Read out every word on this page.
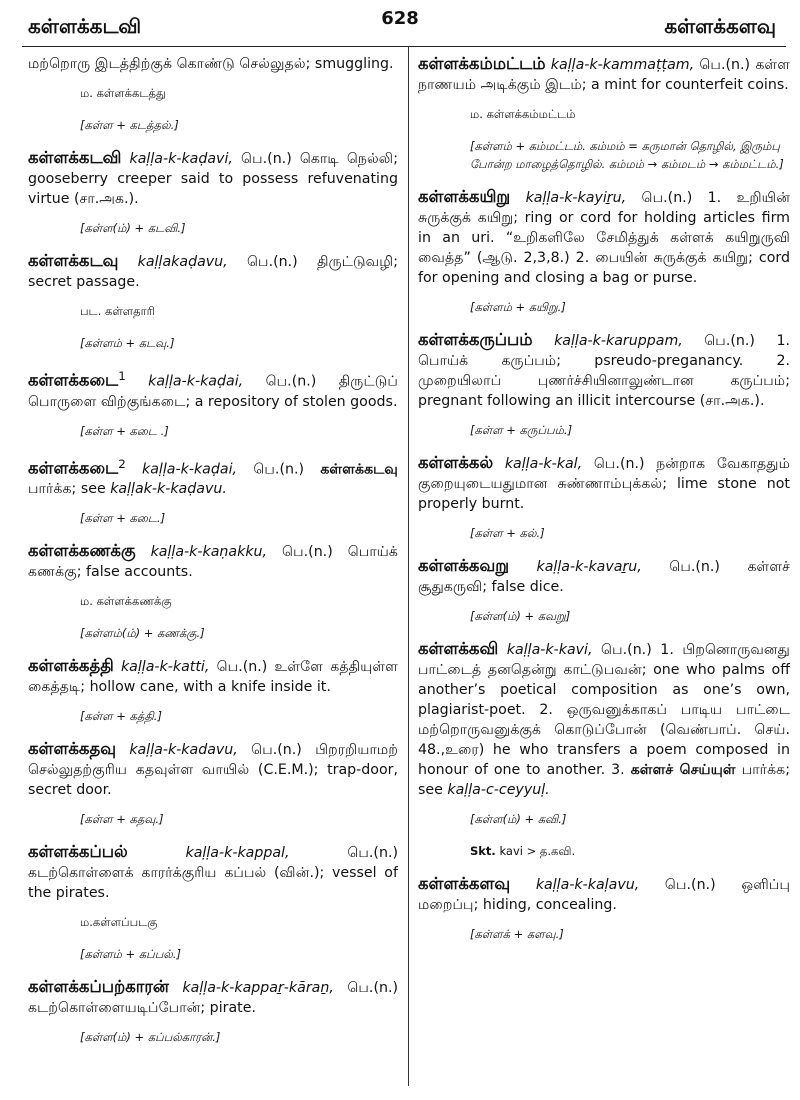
கள்ளக்கடவி	628	கள்ளக்களவு
மற்றொரு இடத்திற்குக் கொண்டு செல்லுதல்; smuggling.
ம. கள்ளக்கடத்து
[கள்ள + கடத்தல்.]
கள்ளக்கடவி kaḷḷa-k-kaḍavi, பெ.(n.) கொடி நெல்லி; gooseberry creeper said to possess refuvenating virtue (சா.அக.).
[கள்ள(ம்) + கடவி.]
கள்ளக்கடவு kaḷḷakaḍavu, பெ.(n.) திருட்டுவழி; secret passage.
பட. கள்ளதாரி
[கள்ளம் + கடவு.]
கள்ளக்கடை$^1$ kaḷḷa-k-kaḍai, பெ.(n.) திருட்டுப் பொருளை விற்குங்கடை; a repository of stolen goods.
[கள்ள + கடை .]
கள்ளக்கடை$^2$ kaḷḷa-k-kaḍai, பெ.(n.) கள்ளக்கடவு பார்க்க; see kaḷḷak-k-kaḍavu.
[கள்ள + கடை.]
கள்ளக்கணக்கு kaḷḷa-k-kaṇakku, பெ.(n.) பொய்க் கணக்கு; false accounts.
ம. கள்ளக்கணக்கு
[கள்ளம்(ம்) + கணக்கு.]
கள்ளக்கத்தி kaḷḷa-k-katti, பெ.(n.) உள்ளே கத்தியுள்ள கைத்தடி; hollow cane, with a knife inside it.
[கள்ள + கத்தி.]
கள்ளக்கதவு kaḷḷa-k-kadavu, பெ.(n.) பிறரறியாமற் செல்லுதற்குரிய கதவுள்ள வாயில் (C.E.M.); trap-door, secret door.
[கள்ள + கதவு.]
கள்ளக்கப்பல்	kaḷḷa-k-kappal,	பெ.(n.) கடற்கொள்ளைக் காரர்க்குரிய கப்பல் (வின்.); vessel of the pirates.
ம.கள்ளப்படகு
[கள்ளம் + கப்பல்.]
கள்ளக்கப்பற்காரன் kaḷḷa-k-kappaṟ-kāraṉ, பெ.(n.) கடற்கொள்ளையடிப்போன்; pirate.
[கள்ள(ம்) + கப்பல்காரன்.]
கள்ளக்கம்மட்டம் kaḷḷa-k-kammaṭṭam, பெ.(n.) கள்ள நாணயம் அடிக்கும் இடம்; a mint for counterfeit coins.
ம. கள்ளக்கம்மட்டம்
[கள்ளம் + கம்மட்டம். கம்மம் = கருமான் தொழில், இரும்பு போன்ற மாழைத்தொழில். கம்மம் → கம்மடம் → கம்மட்டம்.]
கள்ளக்கயிறு kaḷḷa-k-kayiṟu, பெ.(n.) 1. உறியின் சுருக்குக் கயிறு; ring or cord for holding articles firm in an uri. “உறிகளிலே சேமித்துக் கள்ளக் கயிறுருவி வைத்த” (ஆடு. 2,3,8.) 2. பையின் சுருக்குக் கயிறு; cord for opening and closing a bag or purse.
[கள்ளம் + கயிறு.]
கள்ளக்கருப்பம் kaḷḷa-k-karuppam, பெ.(n.) 1. பொய்க் கருப்பம்; psreudo-preganancy. 2. முறையிலாப் புணர்ச்சியினாலுண்டான கருப்பம்; pregnant following an illicit intercourse (சா.அக.).
[கள்ள + கருப்பம்.]
கள்ளக்கல் kaḷḷa-k-kal, பெ.(n.) நன்றாக வேகாததும் குறையுடையதுமான சுண்ணாம்புக்கல்; lime stone not properly burnt.
[கள்ள + கல்.]
கள்ளக்கவறு kaḷḷa-k-kavaṟu, பெ.(n.) கள்ளச் சூதுகருவி; false dice.
[கள்ள(ம்) + கவறு]
கள்ளக்கவி kaḷḷa-k-kavi, பெ.(n.) 1. பிறனொருவனது பாட்டைத் தனதென்று காட்டுபவன்; one who palms off another’s poetical composition as one’s own, plagiarist-poet. 2. ஒருவனுக்காகப் பாடிய பாட்டை மற்றொருவனுக்குக் கொடுப்போன் (வெண்பாப். செய். 48.,உரை) he who transfers a poem composed in honour of one to another. 3. கள்ளச் செய்யுள் பார்க்க; see kaḷḷa-c-ceyyuḷ.
[கள்ள(ம்) + கவி.]
Skt. kavi > த.கவி.
கள்ளக்களவு kaḷḷa-k-kaḷavu, பெ.(n.) ஒளிப்பு மறைப்பு; hiding, concealing.
[கள்ளக் + களவு.]
